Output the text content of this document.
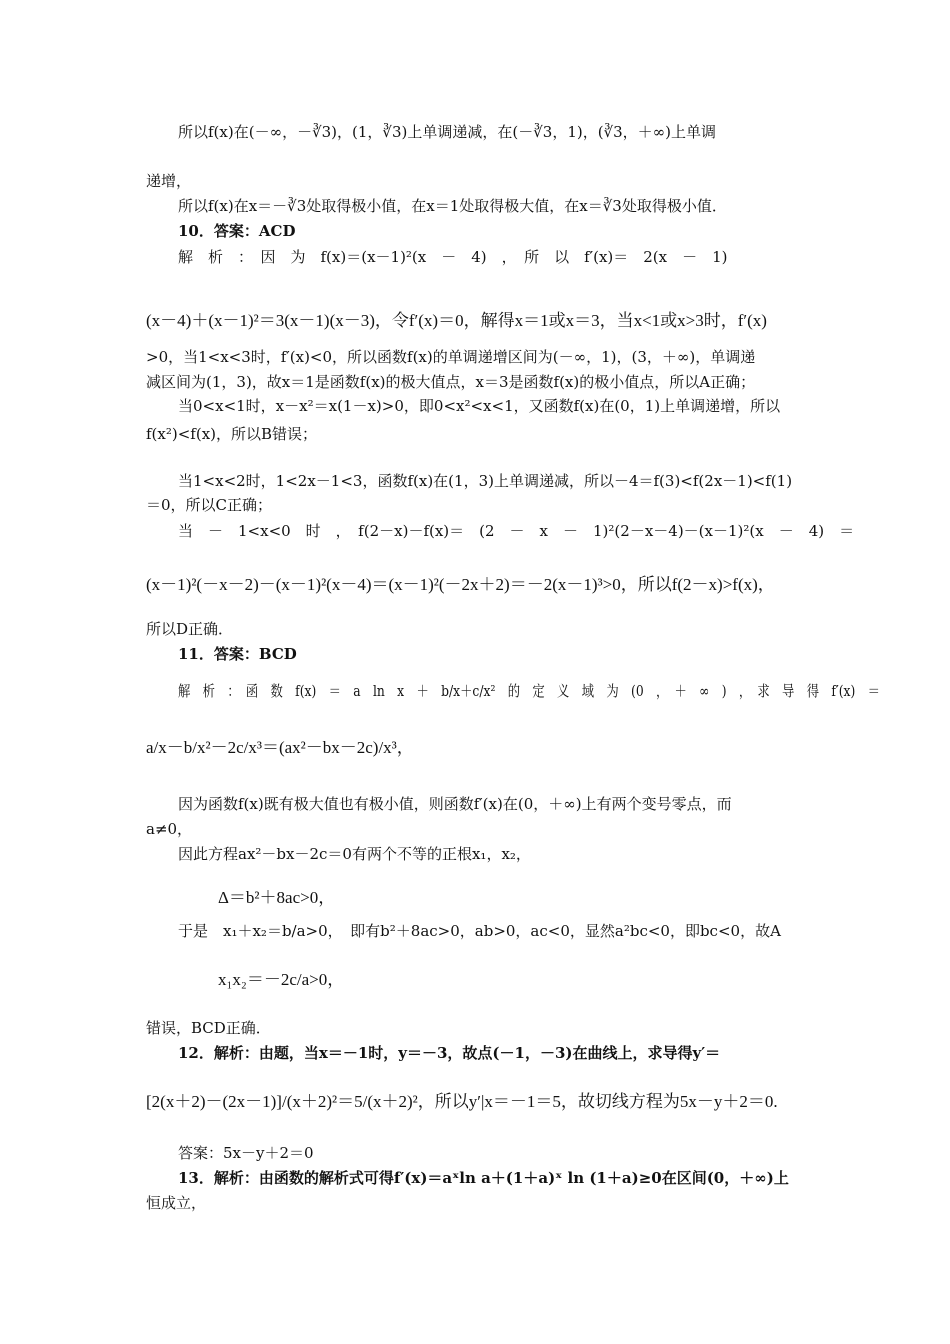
所以f(x)在(－∞，－∛3)，(1，∛3)上单调递减，在(－∛3，1)，(∛3，＋∞)上单调
递增，
所以f(x)在x＝－∛3处取得极小值，在x＝1处取得极大值，在x＝∛3处取得极小值．
10．答案：ACD
解　析　：　因　为　f(x)＝(x－1)²(x　－　4)　，　所　以　f′(x)＝　2(x　－　1)
(x－4)＋(x－1)²＝3(x－1)(x－3)，令f′(x)＝0，解得x＝1或x＝3，当x<1或x>3时，f′(x)
>0，当1<x<3时，f′(x)<0，所以函数f(x)的单调递增区间为(－∞，1)，(3，＋∞)，单调递
减区间为(1，3)，故x＝1是函数f(x)的极大值点，x＝3是函数f(x)的极小值点，所以A正确；
当0<x<1时，x－x²＝x(1－x)>0，即0<x²<x<1，又函数f(x)在(0，1)上单调递增，所以
f(x²)<f(x)，所以B错误；
当1<x<2时，1<2x－1<3，函数f(x)在(1，3)上单调递减，所以－4＝f(3)<f(2x－1)<f(1)
＝0，所以C正确；
当　－　1<x<0　时　，　f(2－x)－f(x)＝　(2　－　x　－　1)²(2－x－4)－(x－1)²(x　－　4)　＝
(x－1)²(－x－2)－(x－1)²(x－4)＝(x－1)²(－2x＋2)＝－2(x－1)³>0，所以f(2－x)>f(x)，
所以D正确．
11．答案：BCD
解　析　：　函　数　f(x)　＝　a　ln　x　＋　b/x＋c/x²　的　定　义　域　为　(0　，　＋　∞　)　，　求　导　得　f′(x)　＝
a/x－b/x²－2c/x³＝(ax²－bx－2c)/x³，
因为函数f(x)既有极大值也有极小值，则函数f′(x)在(0，＋∞)上有两个变号零点，而
a≠0，
因此方程ax²－bx－2c＝0有两个不等的正根x₁，x₂，
Δ＝b²＋8ac>0，
于是　x₁＋x₂＝b/a>0，　即有b²＋8ac>0，ab>0，ac<0，显然a²bc<0，即bc<0，故A
x₁x₂＝－2c/a>0，
错误，BCD正确．
12．解析：由题，当x＝－1时，y＝－3，故点(－1，－3)在曲线上，求导得y′＝
[2(x＋2)－(2x－1)]/(x＋2)²＝5/(x＋2)²，所以y′|x＝－1＝5，故切线方程为5x－y＋2＝0.
答案：5x－y＋2＝0
13．解析：由函数的解析式可得f′(x)＝aˣln a＋(1＋a)ˣ ln (1＋a)≥0在区间(0，＋∞)上
恒成立，
